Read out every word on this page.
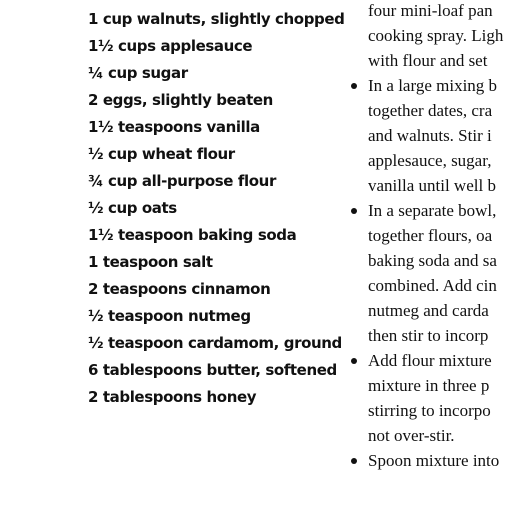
1 cup walnuts, slightly chopped
1½ cups applesauce
¼ cup sugar
2 eggs, slightly beaten
1½ teaspoons vanilla
½ cup wheat flour
¾ cup all-purpose flour
½ cup oats
1½ teaspoon baking soda
1 teaspoon salt
2 teaspoons cinnamon
½ teaspoon nutmeg
½ teaspoon cardamom, ground
6 tablespoons butter, softened
2 tablespoons honey
four mini-loaf pan
cooking spray. Ligh
with flour and set
In a large mixing b
together dates, cra
and walnuts. Stir i
applesauce, sugar,
vanilla until well b
In a separate bowl,
together flours, oa
baking soda and sa
combined. Add cin
nutmeg and carda
then stir to incorp
Add flour mixture
mixture in three p
stirring to incorpo
not over-stir.
Spoon mixture into
